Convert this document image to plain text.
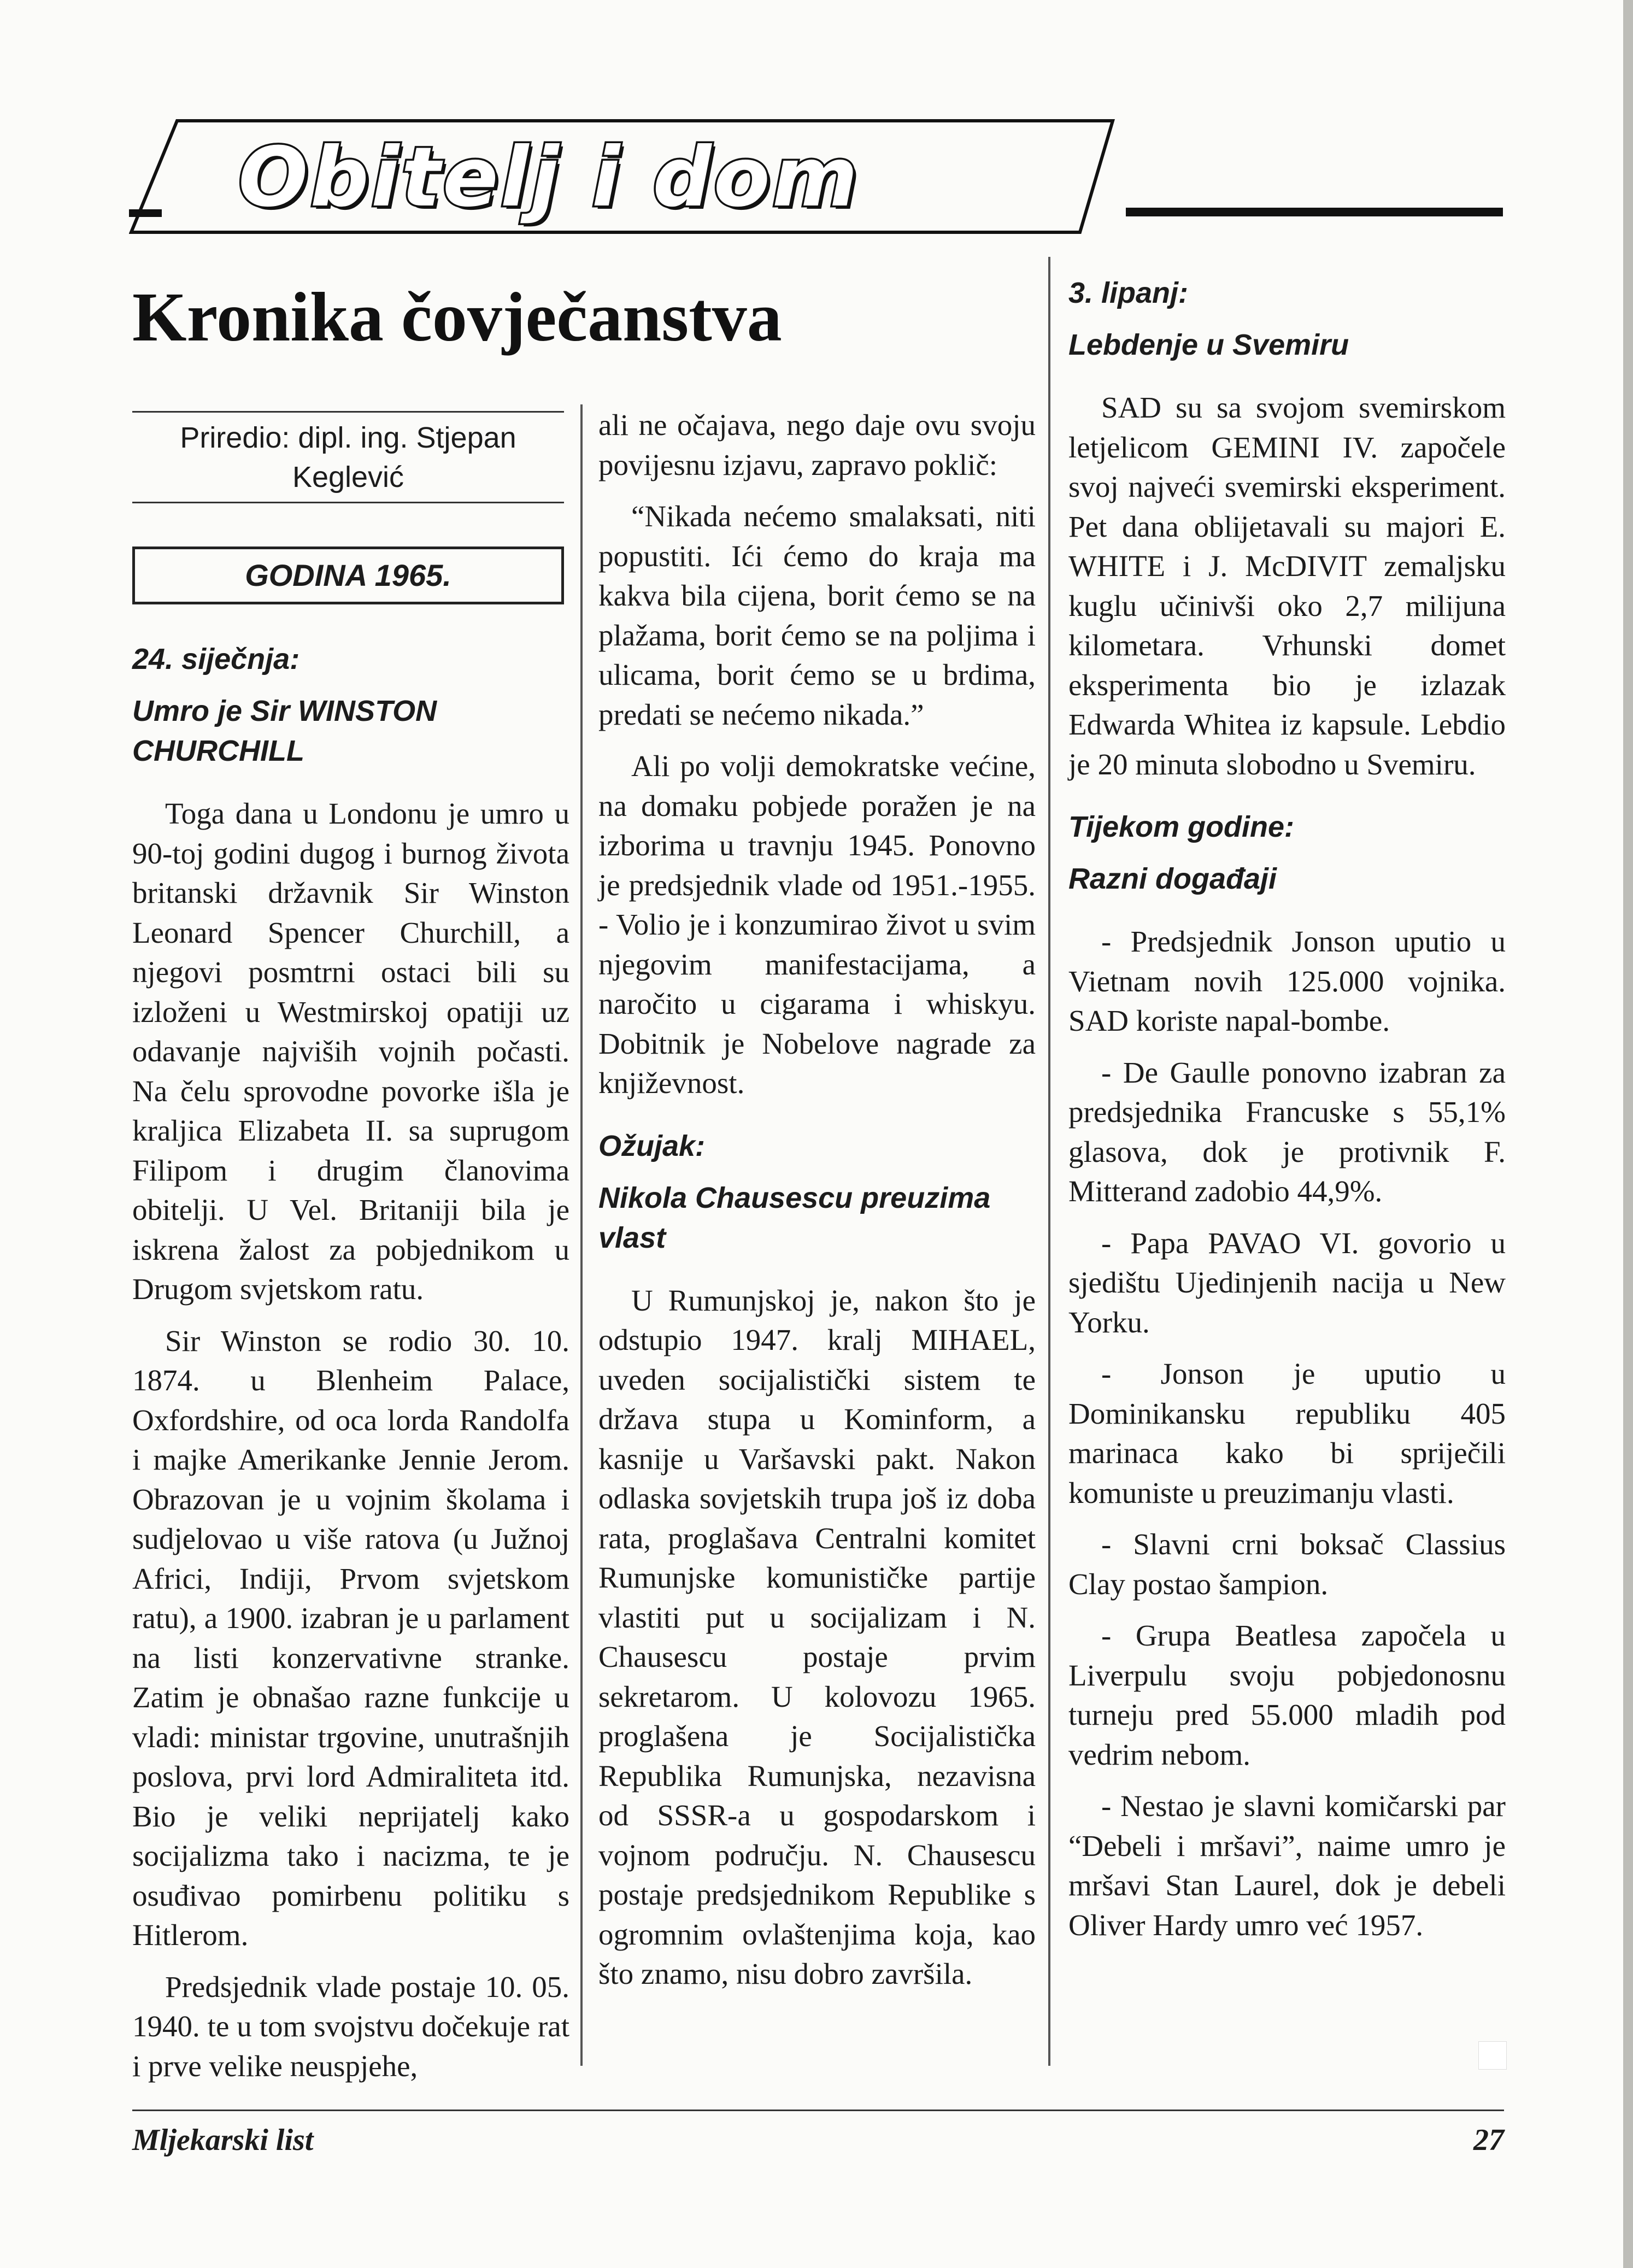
Obitelj i dom
Kronika čovječanstva
Priredio: dipl. ing. Stjepan Keglević
GODINA 1965.

24. siječnja:

Umro je Sir WINSTON CHURCHILL

Toga dana u Londonu je umro u 90-toj godini dugog i burnog života britanski državnik Sir Winston Leonard Spencer Churchill, a njegovi posmtrni ostaci bili su izloženi u Westmirskoj opatiji uz odavanje najviših vojnih počasti. Na čelu sprovodne povorke išla je kraljica Elizabeta II. sa suprugom Filipom i drugim članovima obitelji. U Vel. Britaniji bila je iskrena žalost za pobjednikom u Drugom svjetskom ratu.

Sir Winston se rodio 30. 10. 1874. u Blenheim Palace, Oxfordshire, od oca lorda Randolfa i majke Amerikanke Jennie Jerom. Obrazovan je u vojnim školama i sudjelovao u više ratova (u Južnoj Africi, Indiji, Prvom svjetskom ratu), a 1900. izabran je u parlament na listi konzervativne stranke. Zatim je obnašao razne funkcije u vladi: ministar trgovine, unutrašnjih poslova, prvi lord Admiraliteta itd. Bio je veliki neprijatelj kako socijalizma tako i nacizma, te je osuđivao pomirbenu politiku s Hitlerom.

Predsjednik vlade postaje 10. 05. 1940. te u tom svojstvu dočekuje rat i prve velike neuspjehe,

ali ne očajava, nego daje ovu svoju povijesnu izjavu, zapravo poklič:

“Nikada nećemo smalaksati, niti popustiti. Ići ćemo do kraja ma kakva bila cijena, borit ćemo se na plažama, borit ćemo se na poljima i ulicama, borit ćemo se u brdima, predati se nećemo nikada.”

Ali po volji demokratske većine, na domaku pobjede poražen je na izborima u travnju 1945. Ponovno je predsjednik vlade od 1951.-1955. - Volio je i konzumirao život u svim njegovim manifestacijama, a naročito u cigarama i whiskyu. Dobitnik je Nobelove nagrade za književnost.

Ožujak:

Nikola Chausescu preuzima vlast

U Rumunjskoj je, nakon što je odstupio 1947. kralj MIHAEL, uveden socijalistički sistem te država stupa u Kominform, a kasnije u Varšavski pakt. Nakon odlaska sovjetskih trupa još iz doba rata, proglašava Centralni komitet Rumunjske komunističke partije vlastiti put u socijalizam i N. Chausescu postaje prvim sekretarom. U kolovozu 1965. proglašena je Socijalistička Republika Rumunjska, nezavisna od SSSR-a u gospodarskom i vojnom području. N. Chausescu postaje predsjednikom Republike s ogromnim ovlaštenjima koja, kao što znamo, nisu dobro završila.

3. lipanj:

Lebdenje u Svemiru

SAD su sa svojom svemirskom letjelicom GEMINI IV. započele svoj najveći svemirski eksperiment. Pet dana oblijetavali su majori E. WHITE i J. McDIVIT zemaljsku kuglu učinivši oko 2,7 milijuna kilometara. Vrhunski domet eksperimenta bio je izlazak Edwarda Whitea iz kapsule. Lebdio je 20 minuta slobodno u Svemiru.

Tijekom godine:

Razni događaji

- Predsjednik Jonson uputio u Vietnam novih 125.000 vojnika. SAD koriste napal-bombe.

- De Gaulle ponovno izabran za predsjednika Francuske s 55,1% glasova, dok je protivnik F. Mitterand zadobio 44,9%.

- Papa PAVAO VI. govorio u sjedištu Ujedinjenih nacija u New Yorku.

- Jonson je uputio u Dominikansku republiku 405 marinaca kako bi spriječili komuniste u preuzimanju vlasti.

- Slavni crni boksač Classius Clay postao šampion.

- Grupa Beatlesa započela u Liverpulu svoju pobjedonosnu turneju pred 55.000 mladih pod vedrim nebom.

- Nestao je slavni komičarski par “Debeli i mršavi”, naime umro je mršavi Stan Laurel, dok je debeli Oliver Hardy umro već 1957.

Mljekarski list	27
